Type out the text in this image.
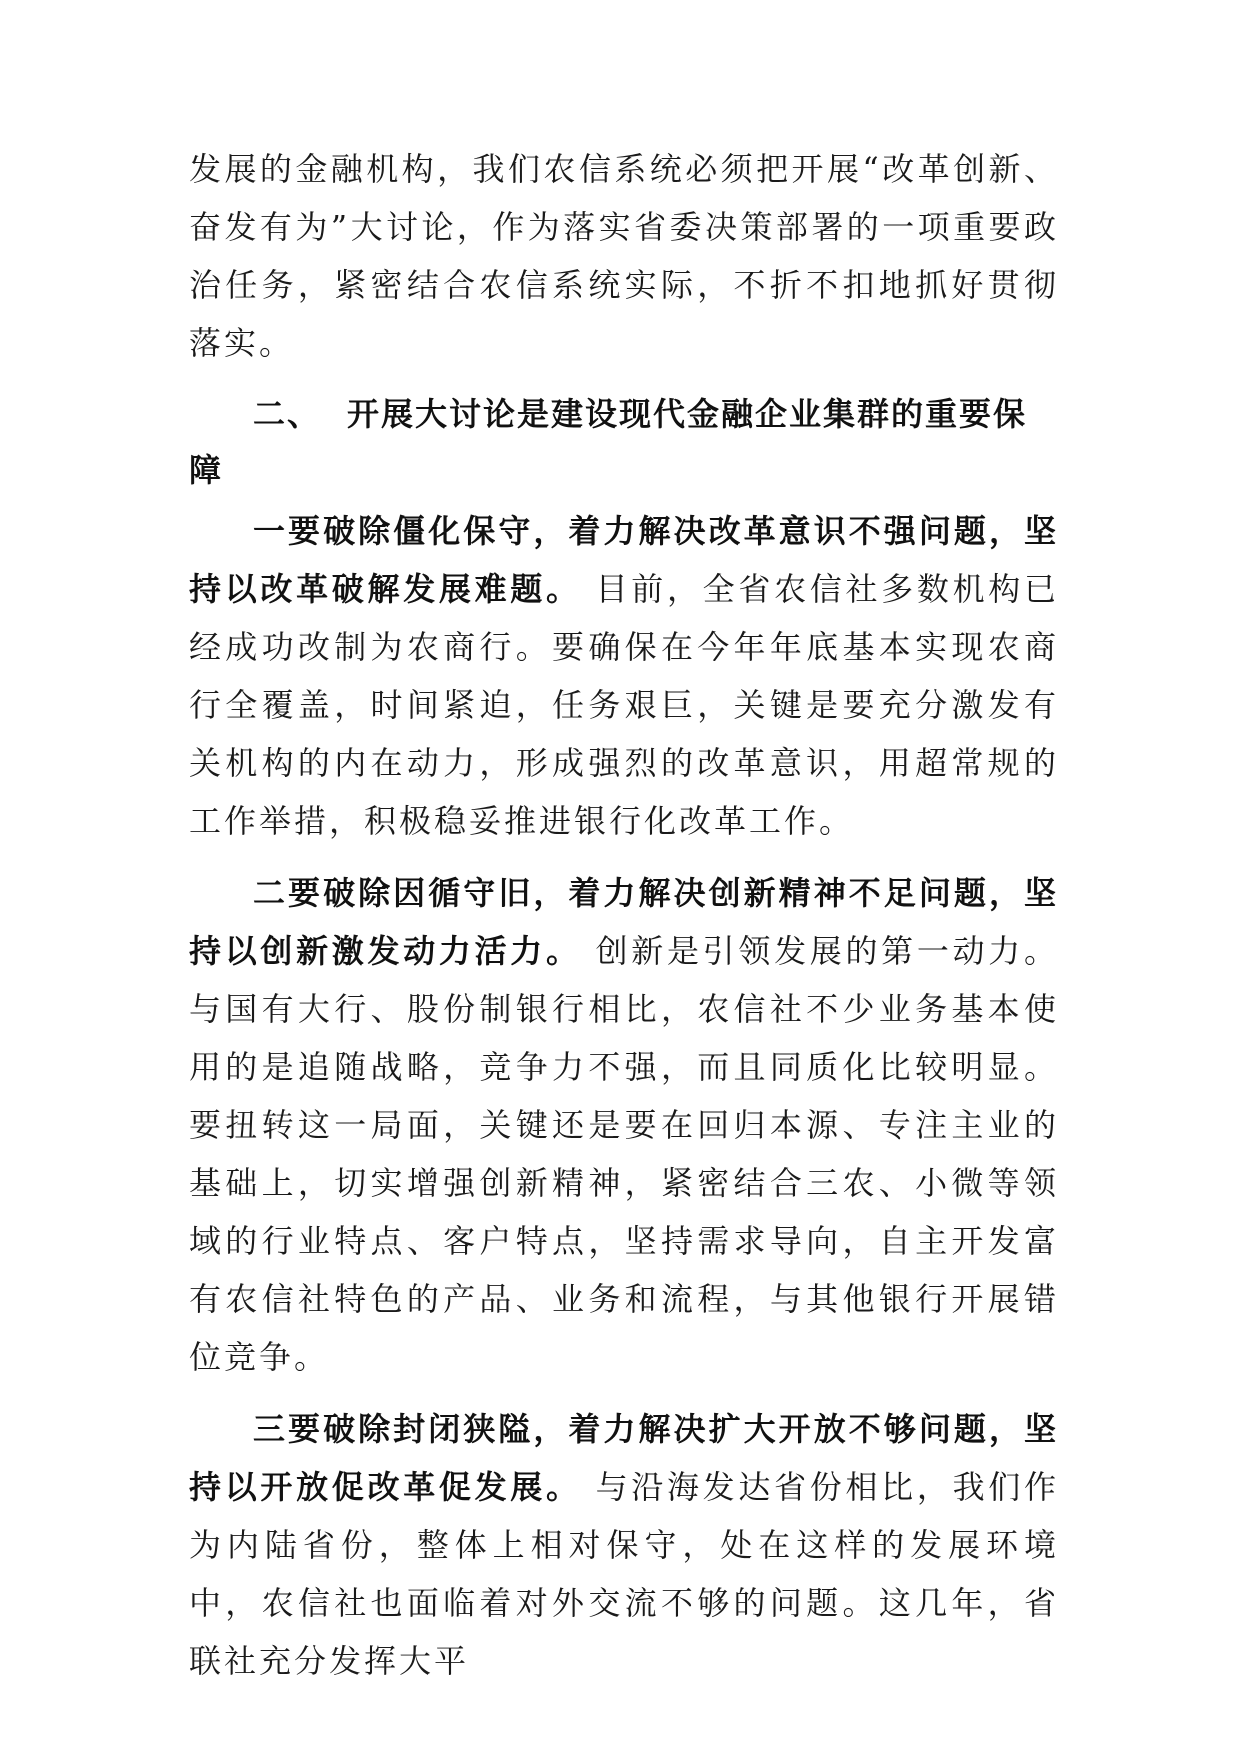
发展的金融机构，我们农信系统必须把开展“改革创新、奋发有为”大讨论，作为落实省委决策部署的一项重要政治任务，紧密结合农信系统实际，不折不扣地抓好贯彻落实。

二、 开展大讨论是建设现代金融企业集群的重要保障

一要破除僵化保守，着力解决改革意识不强问题，坚持以改革破解发展难题。 目前，全省农信社多数机构已经成功改制为农商行。要确保在今年年底基本实现农商行全覆盖，时间紧迫，任务艰巨，关键是要充分激发有关机构的内在动力，形成强烈的改革意识，用超常规的工作举措，积极稳妥推进银行化改革工作。

二要破除因循守旧，着力解决创新精神不足问题，坚持以创新激发动力活力。 创新是引领发展的第一动力。与国有大行、股份制银行相比，农信社不少业务基本使用的是追随战略，竞争力不强，而且同质化比较明显。要扭转这一局面，关键还是要在回归本源、专注主业的基础上，切实增强创新精神，紧密结合三农、小微等领域的行业特点、客户特点，坚持需求导向，自主开发富有农信社特色的产品、业务和流程，与其他银行开展错位竞争。

三要破除封闭狭隘，着力解决扩大开放不够问题，坚持以开放促改革促发展。 与沿海发达省份相比，我们作为内陆省份，整体上相对保守，处在这样的发展环境中，农信社也面临着对外交流不够的问题。这几年，省联社充分发挥大平
